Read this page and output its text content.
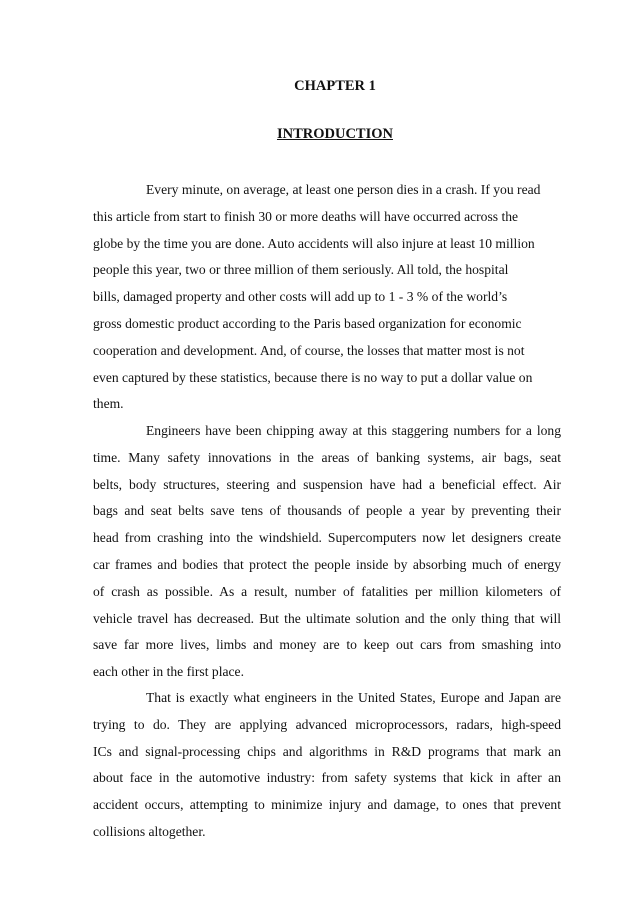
CHAPTER 1
INTRODUCTION

Every minute, on average, at least one person dies in a crash. If you read
this article from start to finish 30 or more deaths will have occurred across the
globe by the time you are done. Auto accidents will also injure at least 10 million
people this year, two or three million of them seriously. All told, the hospital
bills, damaged property and other costs will add up to 1 - 3 % of the world’s
gross domestic product according to the Paris based organization for economic
cooperation and development. And, of course, the losses that matter most is not
even captured by these statistics, because there is no way to put a dollar value on
them.

Engineers have been chipping away at this staggering numbers for a long
time. Many safety innovations in the areas of banking systems, air bags, seat
belts, body structures, steering and suspension have had a beneficial effect. Air
bags and seat belts save tens of thousands of people a year by preventing their
head from crashing into the windshield. Supercomputers now let designers create
car frames and bodies that protect the people inside by absorbing much of energy
of crash as possible. As a result, number of fatalities per million kilometers of
vehicle travel has decreased. But the ultimate solution and the only thing that will
save far more lives, limbs and money are to keep out cars from smashing into
each other in the first place.

That is exactly what engineers in the United States, Europe and Japan are
trying to do. They are applying advanced microprocessors, radars, high-speed
ICs and signal-processing chips and algorithms in R&D programs that mark an
about face in the automotive industry: from safety systems that kick in after an
accident occurs, attempting to minimize injury and damage, to ones that prevent
collisions altogether.
